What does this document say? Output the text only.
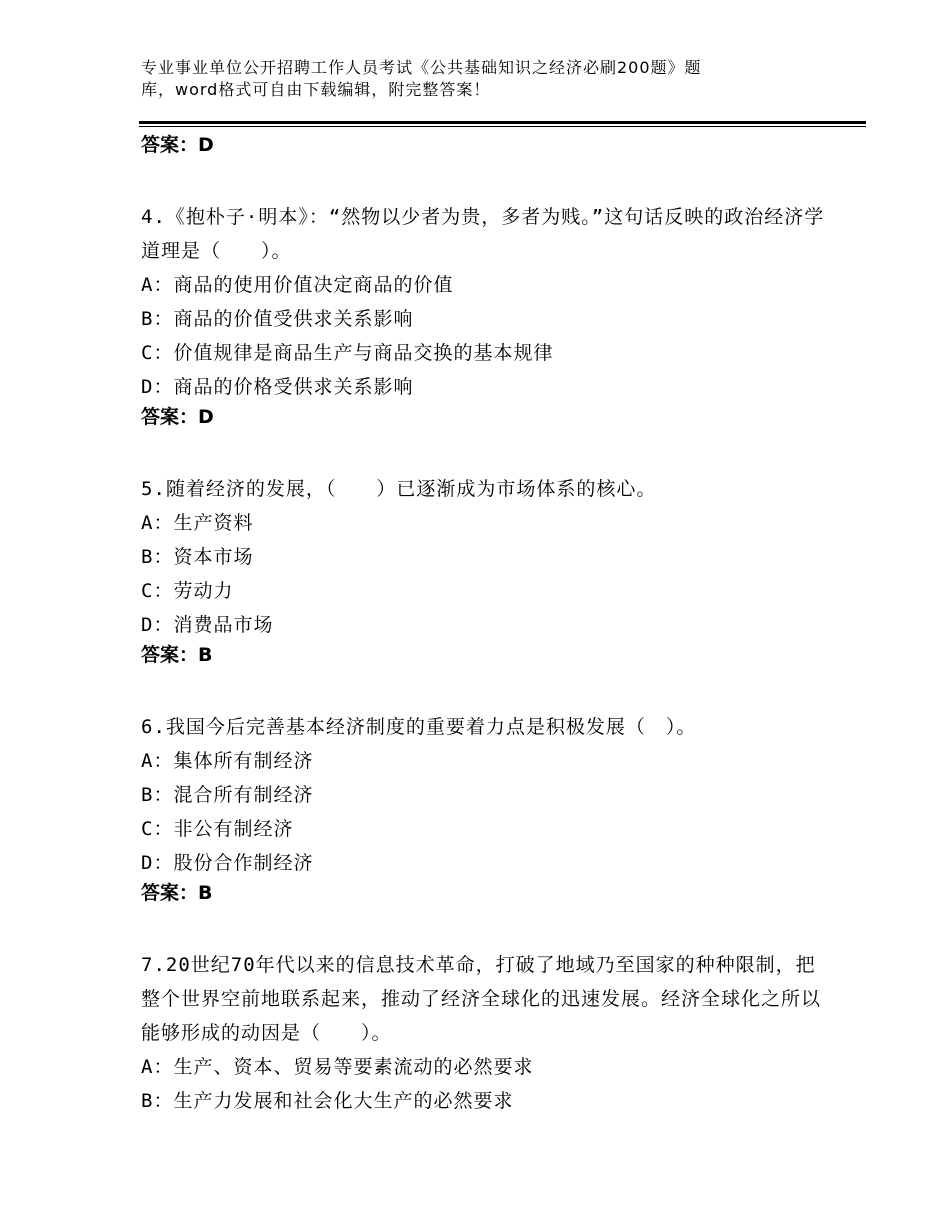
专业事业单位公开招聘工作人员考试《公共基础知识之经济必刷200题》题
库，word格式可自由下载编辑，附完整答案！
答案：D

4.《抱朴子·明本》：“然物以少者为贵，多者为贱。”这句话反映的政治经济学道理是（　　）。

A：商品的使用价值决定商品的价值
B：商品的价值受供求关系影响
C：价值规律是商品生产与商品交换的基本规律
D：商品的价格受供求关系影响
答案：D

5.随着经济的发展，（　　）已逐渐成为市场体系的核心。

A：生产资料
B：资本市场
C：劳动力
D：消费品市场
答案：B

6.我国今后完善基本经济制度的重要着力点是积极发展（　）。

A：集体所有制经济
B：混合所有制经济
C：非公有制经济
D：股份合作制经济
答案：B

7.20世纪70年代以来的信息技术革命，打破了地域乃至国家的种种限制，把整个世界空前地联系起来，推动了经济全球化的迅速发展。经济全球化之所以能够形成的动因是（　　）。

A：生产、资本、贸易等要素流动的必然要求
B：生产力发展和社会化大生产的必然要求
